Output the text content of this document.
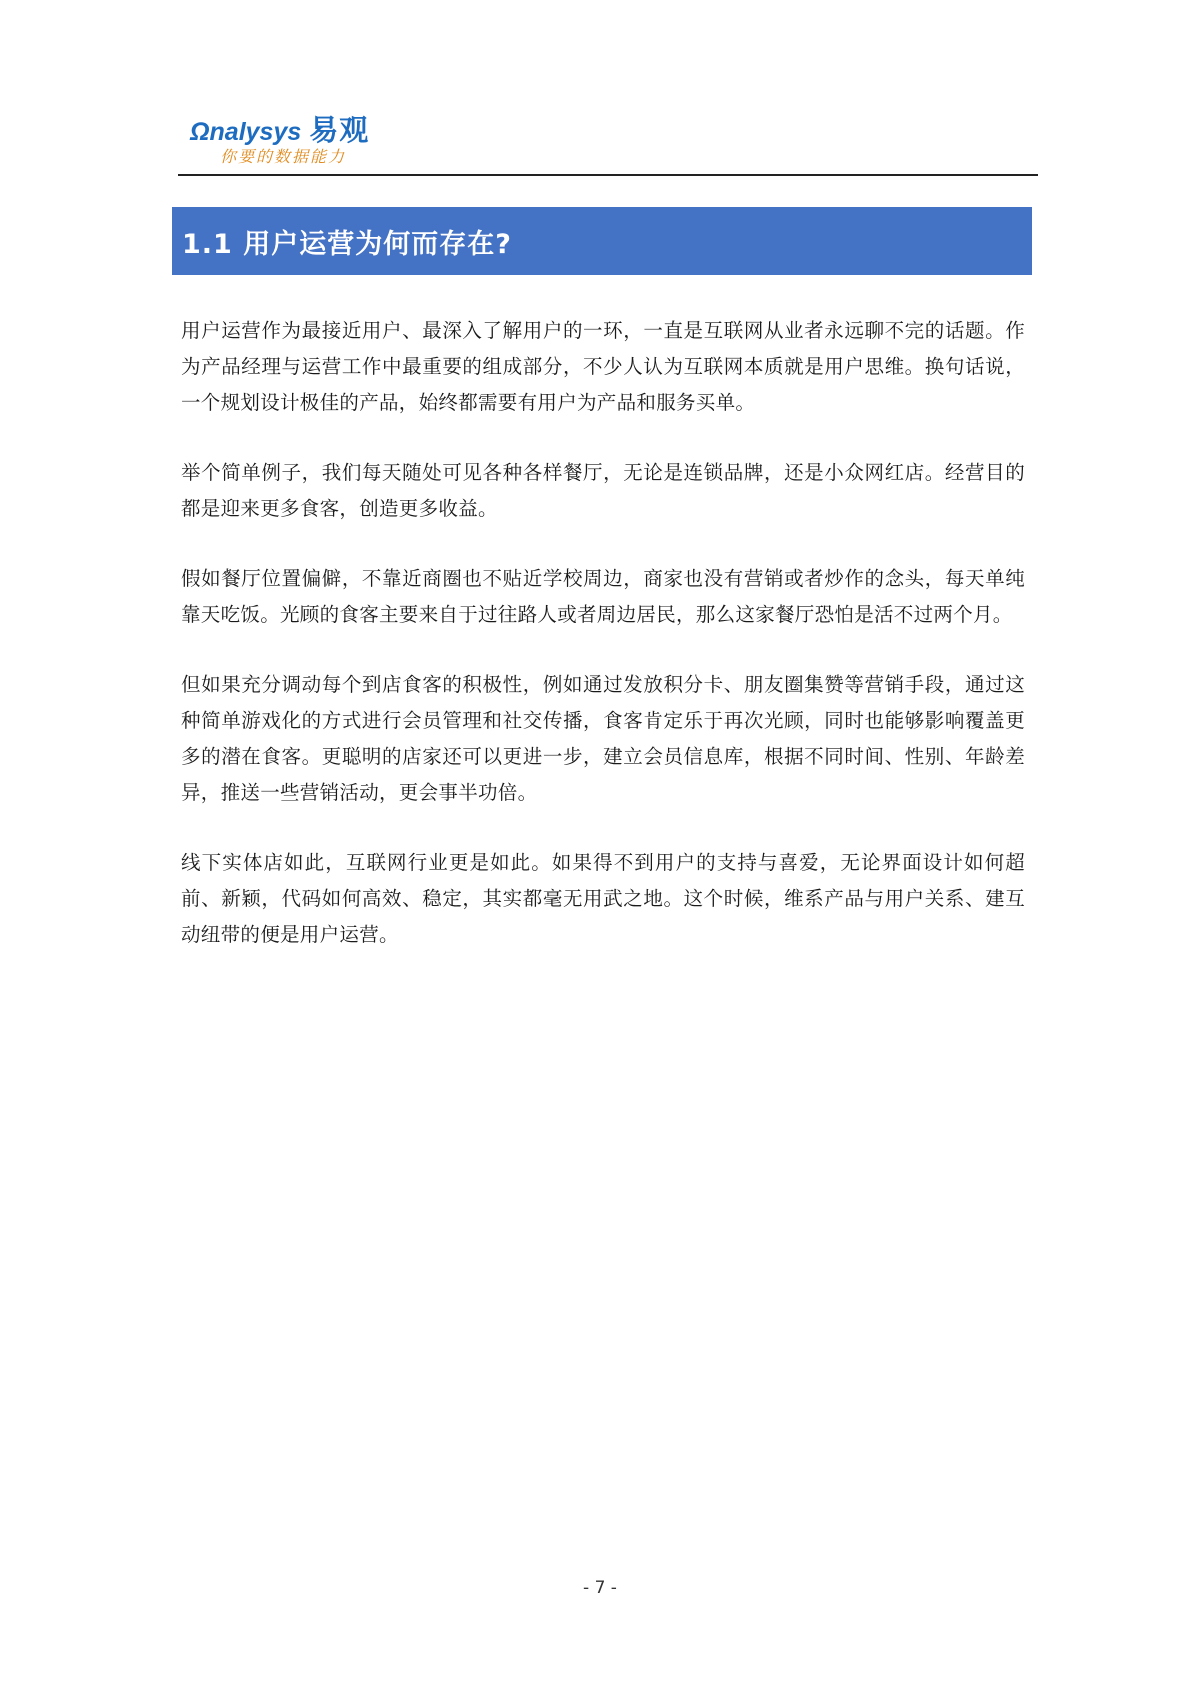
Ωnalysys 易观
你要的数据能力
1.1 用户运营为何而存在?

用户运营作为最接近用户、最深入了解用户的一环，一直是互联网从业者永远聊不完的话题。作为产品经理与运营工作中最重要的组成部分，不少人认为互联网本质就是用户思维。换句话说，一个规划设计极佳的产品，始终都需要有用户为产品和服务买单。

举个简单例子，我们每天随处可见各种各样餐厅，无论是连锁品牌，还是小众网红店。经营目的都是迎来更多食客，创造更多收益。

假如餐厅位置偏僻，不靠近商圈也不贴近学校周边，商家也没有营销或者炒作的念头，每天单纯靠天吃饭。光顾的食客主要来自于过往路人或者周边居民，那么这家餐厅恐怕是活不过两个月。

但如果充分调动每个到店食客的积极性，例如通过发放积分卡、朋友圈集赞等营销手段，通过这种简单游戏化的方式进行会员管理和社交传播，食客肯定乐于再次光顾，同时也能够影响覆盖更多的潜在食客。更聪明的店家还可以更进一步，建立会员信息库，根据不同时间、性别、年龄差异，推送一些营销活动，更会事半功倍。

线下实体店如此，互联网行业更是如此。如果得不到用户的支持与喜爱，无论界面设计如何超前、新颖，代码如何高效、稳定，其实都毫无用武之地。这个时候，维系产品与用户关系、建互动纽带的便是用户运营。

- 7 -
